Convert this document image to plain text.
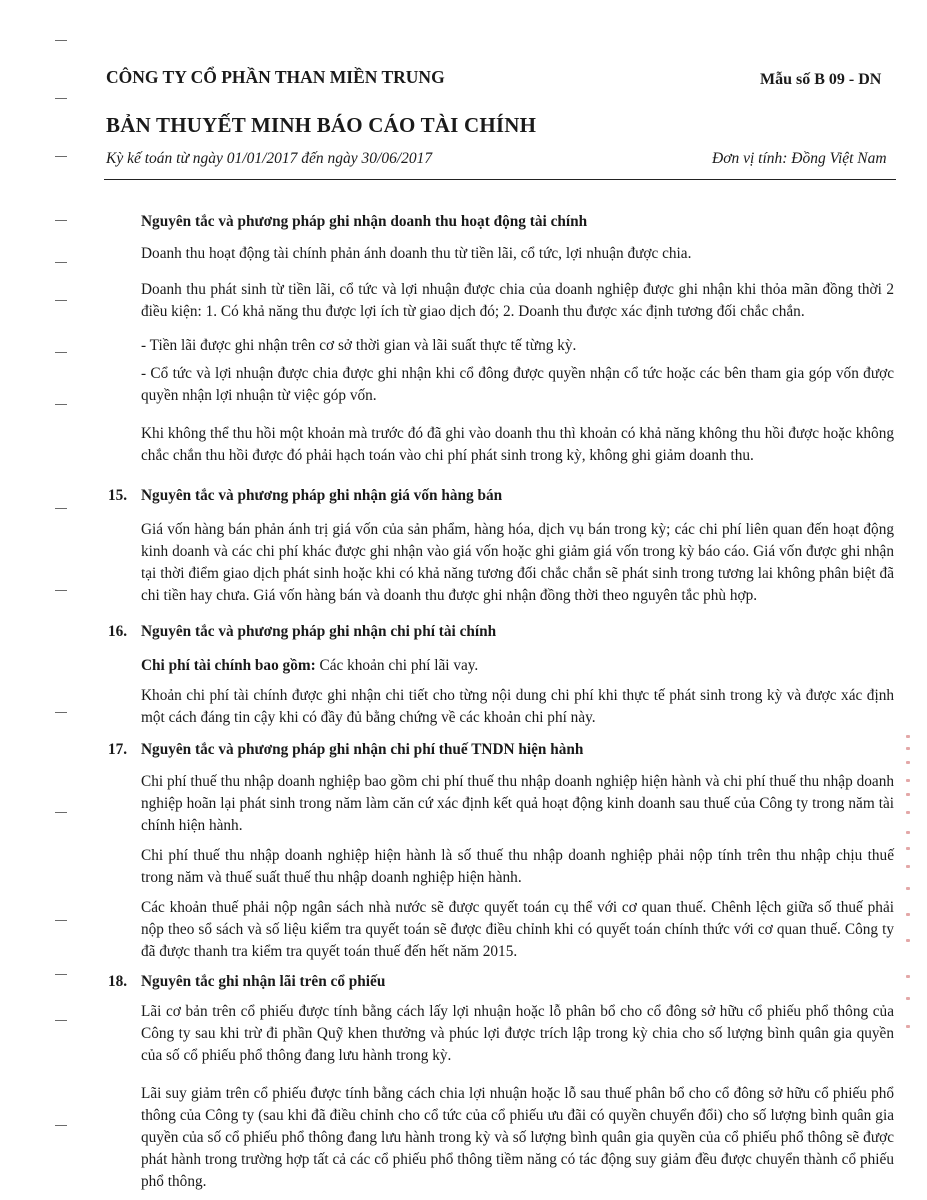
CÔNG TY CỔ PHẦN THAN MIỀN TRUNG	Mẫu số B 09 - DN
BẢN THUYẾT MINH BÁO CÁO TÀI CHÍNH
Kỳ kế toán từ ngày 01/01/2017 đến ngày 30/06/2017	Đơn vị tính: Đồng Việt Nam

Nguyên tắc và phương pháp ghi nhận doanh thu hoạt động tài chính

Doanh thu hoạt động tài chính phản ánh doanh thu từ tiền lãi, cổ tức, lợi nhuận được chia.

Doanh thu phát sinh từ tiền lãi, cổ tức và lợi nhuận được chia của doanh nghiệp được ghi nhận khi thỏa mãn đồng thời 2 điều kiện: 1. Có khả năng thu được lợi ích từ giao dịch đó; 2. Doanh thu được xác định tương đối chắc chắn.

- Tiền lãi được ghi nhận trên cơ sở thời gian và lãi suất thực tế từng kỳ.

- Cổ tức và lợi nhuận được chia được ghi nhận khi cổ đông được quyền nhận cổ tức hoặc các bên tham gia góp vốn được quyền nhận lợi nhuận từ việc góp vốn.

Khi không thể thu hồi một khoản mà trước đó đã ghi vào doanh thu thì khoản có khả năng không thu hồi được hoặc không chắc chắn thu hồi được đó phải hạch toán vào chi phí phát sinh trong kỳ, không ghi giảm doanh thu.

15. Nguyên tắc và phương pháp ghi nhận giá vốn hàng bán

Giá vốn hàng bán phản ánh trị giá vốn của sản phẩm, hàng hóa, dịch vụ bán trong kỳ; các chi phí liên quan đến hoạt động kinh doanh và các chi phí khác được ghi nhận vào giá vốn hoặc ghi giảm giá vốn trong kỳ báo cáo. Giá vốn được ghi nhận tại thời điểm giao dịch phát sinh hoặc khi có khả năng tương đối chắc chắn sẽ phát sinh trong tương lai không phân biệt đã chi tiền hay chưa. Giá vốn hàng bán và doanh thu được ghi nhận đồng thời theo nguyên tắc phù hợp.

16. Nguyên tắc và phương pháp ghi nhận chi phí tài chính

Chi phí tài chính bao gồm: Các khoản chi phí lãi vay.

Khoản chi phí tài chính được ghi nhận chi tiết cho từng nội dung chi phí khi thực tế phát sinh trong kỳ và được xác định một cách đáng tin cậy khi có đầy đủ bằng chứng về các khoản chi phí này.

17. Nguyên tắc và phương pháp ghi nhận chi phí thuế TNDN hiện hành

Chi phí thuế thu nhập doanh nghiệp bao gồm chi phí thuế thu nhập doanh nghiệp hiện hành và chi phí thuế thu nhập doanh nghiệp hoãn lại phát sinh trong năm làm căn cứ xác định kết quả hoạt động kinh doanh sau thuế của Công ty trong năm tài chính hiện hành.

Chi phí thuế thu nhập doanh nghiệp hiện hành là số thuế thu nhập doanh nghiệp phải nộp tính trên thu nhập chịu thuế trong năm và thuế suất thuế thu nhập doanh nghiệp hiện hành.

Các khoản thuế phải nộp ngân sách nhà nước sẽ được quyết toán cụ thể với cơ quan thuế. Chênh lệch giữa số thuế phải nộp theo sổ sách và số liệu kiểm tra quyết toán sẽ được điều chỉnh khi có quyết toán chính thức với cơ quan thuế. Công ty đã được thanh tra kiểm tra quyết toán thuế đến hết năm 2015.

18. Nguyên tắc ghi nhận lãi trên cổ phiếu

Lãi cơ bản trên cổ phiếu được tính bằng cách lấy lợi nhuận hoặc lỗ phân bổ cho cổ đông sở hữu cổ phiếu phổ thông của Công ty sau khi trừ đi phần Quỹ khen thưởng và phúc lợi được trích lập trong kỳ chia cho số lượng bình quân gia quyền của số cổ phiếu phổ thông đang lưu hành trong kỳ.

Lãi suy giảm trên cổ phiếu được tính bằng cách chia lợi nhuận hoặc lỗ sau thuế phân bổ cho cổ đông sở hữu cổ phiếu phổ thông của Công ty (sau khi đã điều chỉnh cho cổ tức của cổ phiếu ưu đãi có quyền chuyển đổi) cho số lượng bình quân gia quyền của số cổ phiếu phổ thông đang lưu hành trong kỳ và số lượng bình quân gia quyền của cổ phiếu phổ thông sẽ được phát hành trong trường hợp tất cả các cổ phiếu phổ thông tiềm năng có tác động suy giảm đều được chuyển thành cổ phiếu phổ thông.
